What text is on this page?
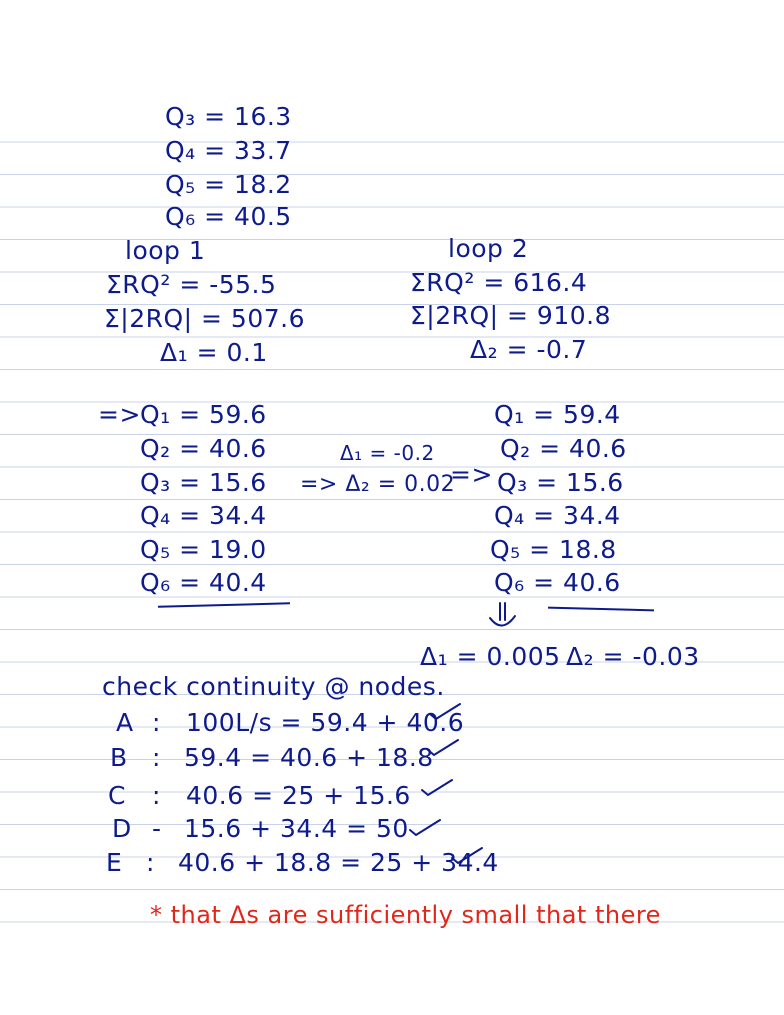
Q₃ = 16.3
Q₄ = 33.7
Q₅ = 18.2
Q₆ = 40.5
loop 1
ΣRQ² = -55.5
Σ|2RQ| = 507.6
Δ₁ = 0.1
loop 2
ΣRQ² = 616.4
Σ|2RQ| = 910.8
Δ₂ = -0.7
=> Q₁ = 59.6
Q₂ = 40.6
Q₃ = 15.6
Q₄ = 34.4
Q₅ = 19.0
Q₆ = 40.4
Δ₁ = -0.2
=> Δ₂ = 0.02
=>
Q₁ = 59.4
Q₂ = 40.6
Q₃ = 15.6
Q₄ = 34.4
Q₅ = 18.8
Q₆ = 40.6
Δ₁ = 0.005 Δ₂ = -0.03
check continuity @ nodes.
A : 100L/s = 59.4 + 40.6
B : 59.4 = 40.6 + 18.8
C : 40.6 = 25 + 15.6
D - 15.6 + 34.4 = 50
E : 40.6 + 18.8 = 25 + 34.4
* that Δs are sufficiently small that there
